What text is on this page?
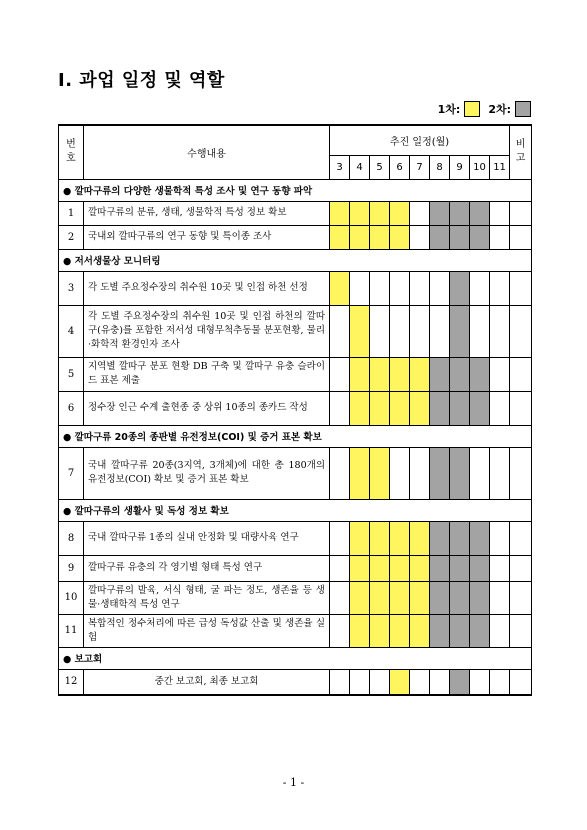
Ⅰ. 과업 일정 및 역할
1차:	2차:
번호	수행내용	추진 일정(월)									비고
		3	4	5	6	7	8	9	10	11	
● 깔따구류의 다양한 생물학적 특성 조사 및 연구 동향 파악											
1	깔따구류의 분류, 생태, 생물학적 특성 정보 확보										
2	국내외 깔따구류의 연구 동향 및 특이종 조사										
● 저서생물상 모니터링											
3	각 도별 주요정수장의 취수원 10곳 및 인접 하천 선정										
4	각 도별 주요정수장의 취수원 10곳 및 인접 하천의 깔따구(유충)를 포함한 저서성 대형무척추동물 분포현황, 물리·화학적 환경인자 조사										
5	지역별 깔따구 분포 현황 DB 구축 및 깔따구 유충 슬라이드 표본 제출										
6	정수장 인근 수계 출현종 중 상위 10종의 종카드 작성										
● 깔따구류 20종의 종판별 유전정보(COI) 및 증거 표본 확보											
7	국내 깔따구류 20종(3지역, 3개체)에 대한 총 180개의 유전정보(COI) 확보 및 증거 표본 확보										
● 깔따구류의 생활사 및 독성 정보 확보											
8	국내 깔따구류 1종의 실내 안정화 및 대량사육 연구										
9	깔따구류 유충의 각 영기별 형태 특성 연구										
10	깔따구류의 발육, 서식 형태, 굴 파는 정도, 생존율 등 생물·생태학적 특성 연구										
11	복합적인 정수처리에 따른 급성 독성값 산출 및 생존율 실험										
● 보고회											
12	중간 보고회, 최종 보고회										
- 1 -
